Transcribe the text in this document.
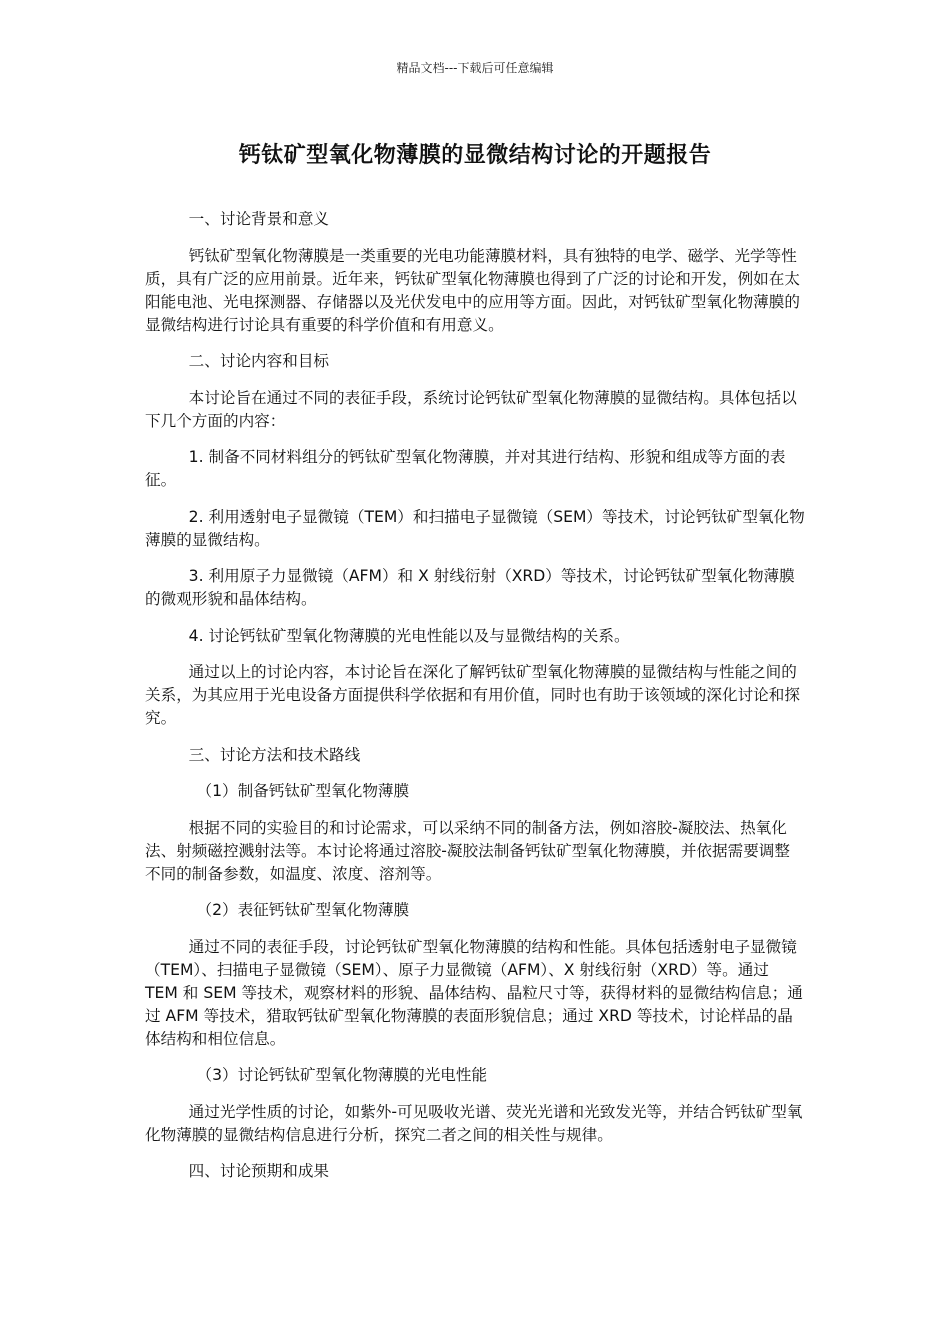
精品文档---下载后可任意编辑
钙钛矿型氧化物薄膜的显微结构讨论的开题报告

一、讨论背景和意义

钙钛矿型氧化物薄膜是一类重要的光电功能薄膜材料，具有独特的电学、磁学、光学等性质，具有广泛的应用前景。近年来，钙钛矿型氧化物薄膜也得到了广泛的讨论和开发，例如在太阳能电池、光电探测器、存储器以及光伏发电中的应用等方面。因此，对钙钛矿型氧化物薄膜的显微结构进行讨论具有重要的科学价值和有用意义。

二、讨论内容和目标

本讨论旨在通过不同的表征手段，系统讨论钙钛矿型氧化物薄膜的显微结构。具体包括以下几个方面的内容：

1. 制备不同材料组分的钙钛矿型氧化物薄膜，并对其进行结构、形貌和组成等方面的表征。

2. 利用透射电子显微镜（TEM）和扫描电子显微镜（SEM）等技术，讨论钙钛矿型氧化物薄膜的显微结构。

3. 利用原子力显微镜（AFM）和 X 射线衍射（XRD）等技术，讨论钙钛矿型氧化物薄膜的微观形貌和晶体结构。

4. 讨论钙钛矿型氧化物薄膜的光电性能以及与显微结构的关系。

通过以上的讨论内容，本讨论旨在深化了解钙钛矿型氧化物薄膜的显微结构与性能之间的关系，为其应用于光电设备方面提供科学依据和有用价值，同时也有助于该领域的深化讨论和探究。

三、讨论方法和技术路线

（1）制备钙钛矿型氧化物薄膜

根据不同的实验目的和讨论需求，可以采纳不同的制备方法，例如溶胶-凝胶法、热氧化法、射频磁控溅射法等。本讨论将通过溶胶-凝胶法制备钙钛矿型氧化物薄膜，并依据需要调整不同的制备参数，如温度、浓度、溶剂等。

（2）表征钙钛矿型氧化物薄膜

通过不同的表征手段，讨论钙钛矿型氧化物薄膜的结构和性能。具体包括透射电子显微镜（TEM）、扫描电子显微镜（SEM）、原子力显微镜（AFM）、X 射线衍射（XRD）等。通过 TEM 和 SEM 等技术，观察材料的形貌、晶体结构、晶粒尺寸等，获得材料的显微结构信息；通过 AFM 等技术，猎取钙钛矿型氧化物薄膜的表面形貌信息；通过 XRD 等技术，讨论样品的晶体结构和相位信息。

（3）讨论钙钛矿型氧化物薄膜的光电性能

通过光学性质的讨论，如紫外-可见吸收光谱、荧光光谱和光致发光等，并结合钙钛矿型氧化物薄膜的显微结构信息进行分析，探究二者之间的相关性与规律。

四、讨论预期和成果
